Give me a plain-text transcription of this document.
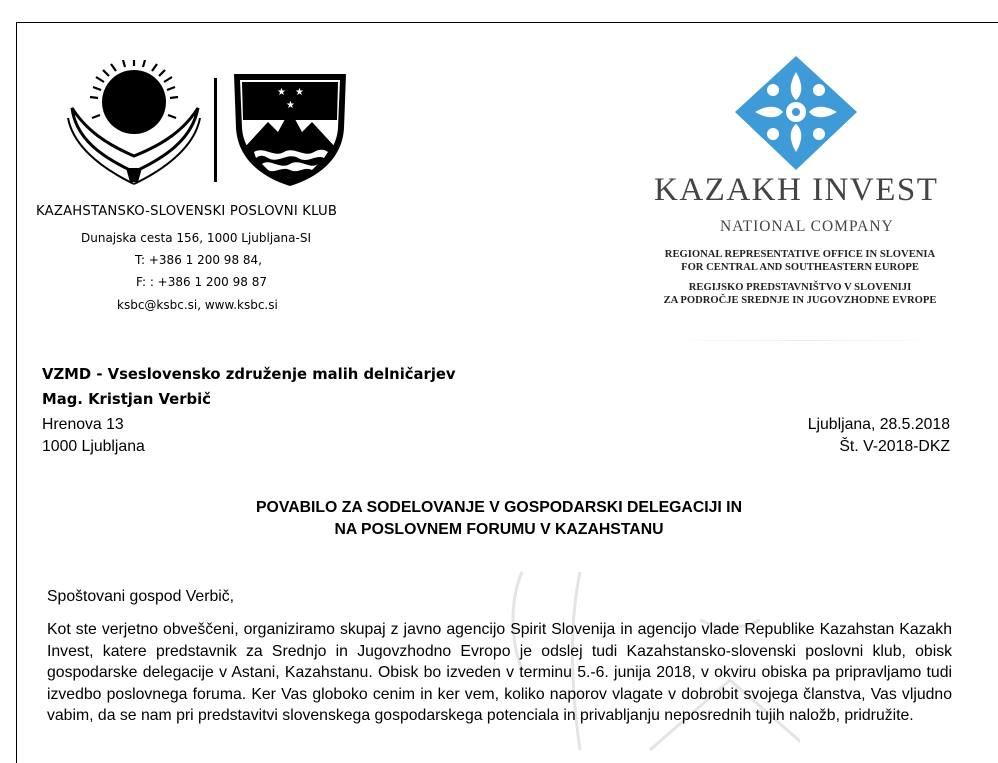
★ ★
★
KAZAHSTANSKO-SLOVENSKI POSLOVNI KLUB
Dunajska cesta 156, 1000 Ljubljana-SI
T: +386 1 200 98 84,
F: : +386 1 200 98 87
ksbc@ksbc.si, www.ksbc.si
KAZAKH INVEST
NATIONAL COMPANY
REGIONAL REPRESENTATIVE OFFICE IN SLOVENIA
FOR CENTRAL AND SOUTHEASTERN EUROPE
REGIJSKO PREDSTAVNIŠTVO V SLOVENIJI
ZA PODROČJE SREDNJE IN JUGOVZHODNE EVROPE
VZMD - Vseslovensko združenje malih delničarjev
Mag. Kristjan Verbič
Hrenova 13
1000 Ljubljana
Ljubljana, 28.5.2018
Št. V-2018-DKZ
POVABILO ZA SODELOVANJE V GOSPODARSKI DELEGACIJI IN
NA POSLOVNEM FORUMU V KAZAHSTANU
Spoštovani gospod Verbič,
Kot ste verjetno obveščeni, organiziramo skupaj z javno agencijo Spirit Slovenija in agencijo vlade Republike Kazahstan Kazakh Invest, katere predstavnik za Srednjo in Jugovzhodno Evropo je odslej tudi Kazahstansko-slovenski poslovni klub, obisk gospodarske delegacije v Astani, Kazahstanu. Obisk bo izveden v terminu 5.-6. junija 2018, v okviru obiska pa pripravljamo tudi izvedbo poslovnega foruma. Ker Vas globoko cenim in ker vem, koliko naporov vlagate v dobrobit svojega članstva, Vas vljudno vabim, da se nam pri predstavitvi slovenskega gospodarskega potenciala in privabljanju neposrednih tujih naložb, pridružite.
